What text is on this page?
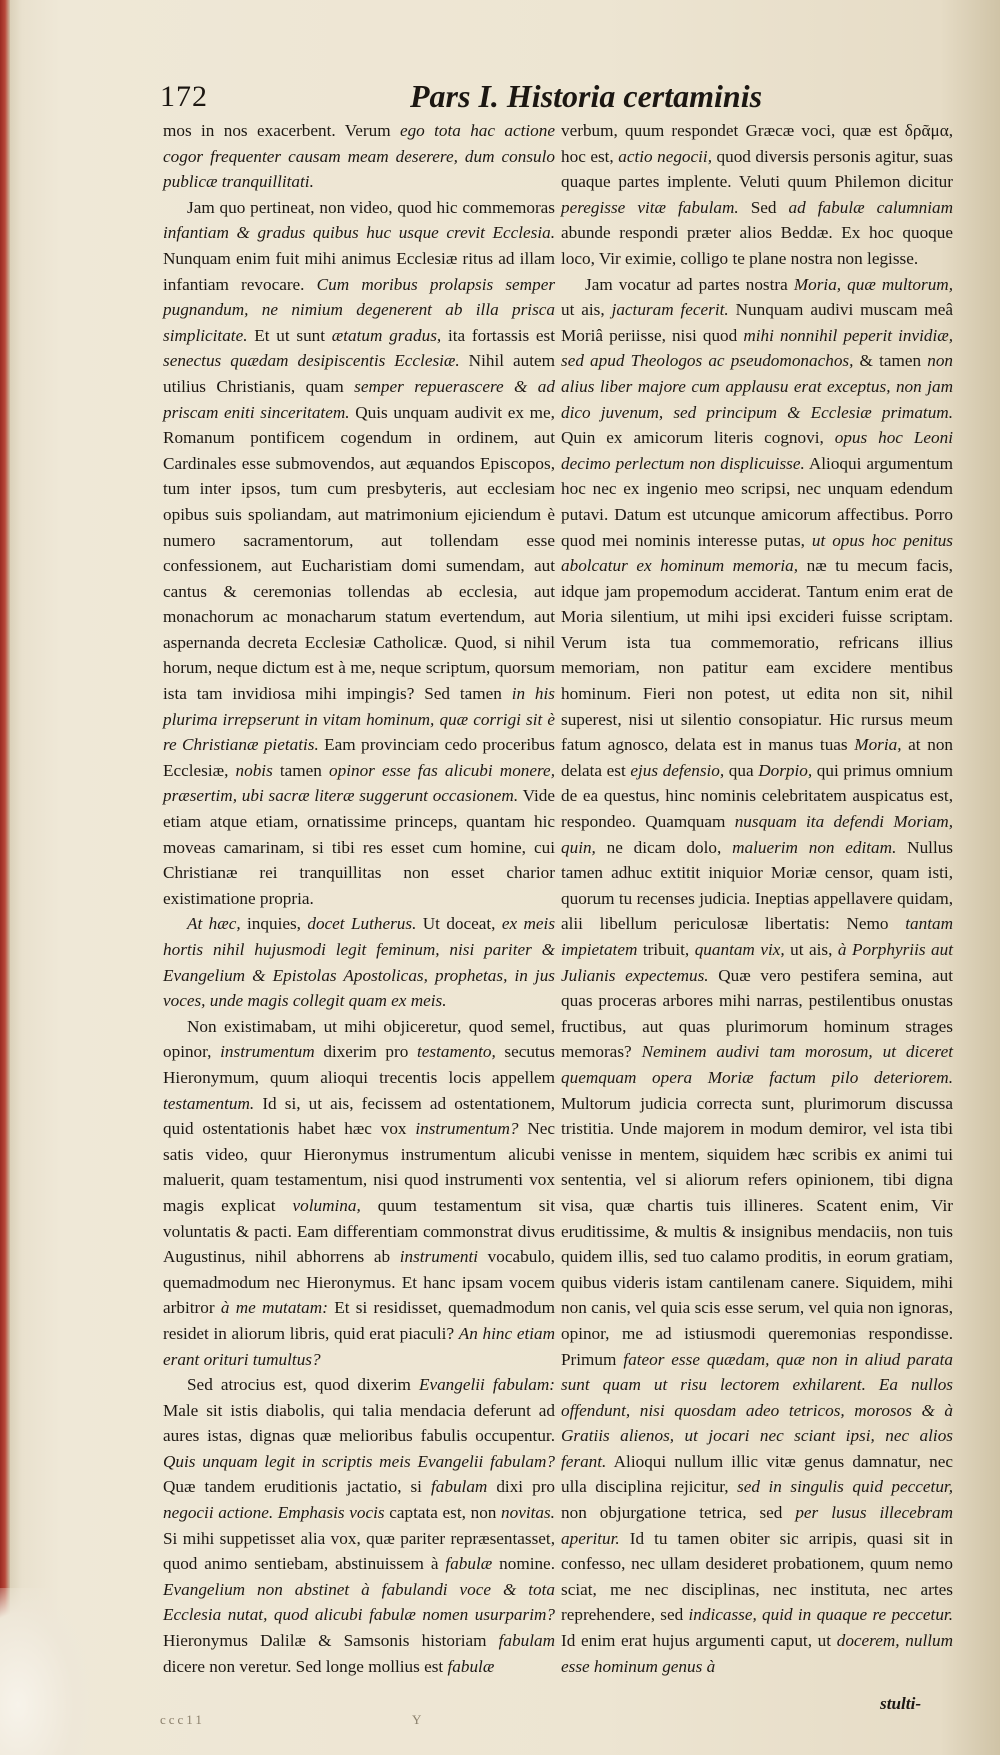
172	Pars I. Historia certaminis

mos in nos exacerbent. Verum ego tota hac actione cogor frequenter causam meam deserere, dum consulo publicæ tranquillitati.

Jam quo pertineat, non video, quod hic commemoras infantiam & gradus quibus huc usque crevit Ecclesia. Nunquam enim fuit mihi animus Ecclesiæ ritus ad illam infantiam revocare. Cum moribus prolapsis semper pugnandum, ne nimium degenerent ab illa prisca simplicitate. Et ut sunt ætatum gradus, ita fortassis est senectus quædam desipiscentis Ecclesiæ. Nihil autem utilius Christianis, quam semper repuerascere & ad priscam eniti sinceritatem. Quis unquam audivit ex me, Romanum pontificem cogendum in ordinem, aut Cardinales esse submovendos, aut æquandos Episcopos, tum inter ipsos, tum cum presbyteris, aut ecclesiam opibus suis spoliandam, aut matrimonium ejiciendum è numero sacramentorum, aut tollendam esse confessionem, aut Eucharistiam domi sumendam, aut cantus & ceremonias tollendas ab ecclesia, aut monachorum ac monacharum statum evertendum, aut aspernanda decreta Ecclesiæ Catholicæ. Quod, si nihil horum, neque dictum est à me, neque scriptum, quorsum ista tam invidiosa mihi impingis? Sed tamen in his plurima irrepserunt in vitam hominum, quæ corrigi sit è re Christianæ pietatis. Eam provinciam cedo proceribus Ecclesiæ, nobis tamen opinor esse fas alicubi monere, præsertim, ubi sacræ literæ suggerunt occasionem. Vide etiam atque etiam, ornatissime princeps, quantam hic moveas camarinam, si tibi res esset cum homine, cui Christianæ rei tranquillitas non esset charior existimatione propria.

At hæc, inquies, docet Lutherus. Ut doceat, ex meis hortis nihil hujusmodi legit feminum, nisi pariter & Evangelium & Epistolas Apostolicas, prophetas, in jus voces, unde magis collegit quam ex meis.

Non existimabam, ut mihi objiceretur, quod semel, opinor, instrumentum dixerim pro testamento, secutus Hieronymum, quum alioqui trecentis locis appellem testamentum. Id si, ut ais, fecissem ad ostentationem, quid ostentationis habet hæc vox instrumentum? Nec satis video, quur Hieronymus instrumentum alicubi maluerit, quam testamentum, nisi quod instrumenti vox magis explicat volumina, quum testamentum sit voluntatis & pacti. Eam differentiam commonstrat divus Augustinus, nihil abhorrens ab instrumenti vocabulo, quemadmodum nec Hieronymus. Et hanc ipsam vocem arbitror à me mutatam: Et si residisset, quemadmodum residet in aliorum libris, quid erat piaculi? An hinc etiam erant orituri tumultus?

Sed atrocius est, quod dixerim Evangelii fabulam: Male sit istis diabolis, qui talia mendacia deferunt ad aures istas, dignas quæ melioribus fabulis occupentur. Quis unquam legit in scriptis meis Evangelii fabulam? Quæ tandem eruditionis jactatio, si fabulam dixi pro negocii actione. Emphasis vocis captata est, non novitas. Si mihi suppetisset alia vox, quæ pariter repræsentasset, quod animo sentiebam, abstinuissem à fabulæ nomine. Evangelium non abstinet à fabulandi voce & tota Ecclesia nutat, quod alicubi fabulæ nomen usurparim? Hieronymus Dalilæ & Samsonis historiam fabulam dicere non veretur. Sed longe mollius est fabulæ

verbum, quum respondet Græcæ voci, quæ est δρᾶμα, hoc est, actio negocii, quod diversis personis agitur, suas quaque partes implente. Veluti quum Philemon dicitur peregisse vitæ fabulam. Sed ad fabulæ calumniam abunde respondi præter alios Beddæ. Ex hoc quoque loco, Vir eximie, colligo te plane nostra non legisse.

Jam vocatur ad partes nostra Moria, quæ multorum, ut ais, jacturam fecerit. Nunquam audivi muscam meâ Moriâ periisse, nisi quod mihi nonnihil peperit invidiæ, sed apud Theologos ac pseudomonachos, & tamen non alius liber majore cum applausu erat exceptus, non jam dico juvenum, sed principum & Ecclesiæ primatum. Quin ex amicorum literis cognovi, opus hoc Leoni decimo perlectum non displicuisse. Alioqui argumentum hoc nec ex ingenio meo scripsi, nec unquam edendum putavi. Datum est utcunque amicorum affectibus. Porro quod mei nominis interesse putas, ut opus hoc penitus abolcatur ex hominum memoria, næ tu mecum facis, idque jam propemodum acciderat. Tantum enim erat de Moria silentium, ut mihi ipsi excideri fuisse scriptam. Verum ista tua commemoratio, refricans illius memoriam, non patitur eam excidere mentibus hominum. Fieri non potest, ut edita non sit, nihil superest, nisi ut silentio consopiatur. Hic rursus meum fatum agnosco, delata est in manus tuas Moria, at non delata est ejus defensio, qua Dorpio, qui primus omnium de ea questus, hinc nominis celebritatem auspicatus est, respondeo. Quamquam nusquam ita defendi Moriam, quin, ne dicam dolo, maluerim non editam. Nullus tamen adhuc extitit iniquior Moriæ censor, quam isti, quorum tu recenses judicia. Ineptias appellavere quidam, alii libellum periculosæ libertatis: Nemo tantam impietatem tribuit, quantam vix, ut ais, à Porphyriis aut Julianis expectemus. Quæ vero pestifera semina, aut quas proceras arbores mihi narras, pestilentibus onustas fructibus, aut quas plurimorum hominum strages memoras? Neminem audivi tam morosum, ut diceret quemquam opera Moriæ factum pilo deteriorem. Multorum judicia correcta sunt, plurimorum discussa tristitia. Unde majorem in modum demiror, vel ista tibi venisse in mentem, siquidem hæc scribis ex animi tui sententia, vel si aliorum refers opinionem, tibi digna visa, quæ chartis tuis illineres. Scatent enim, Vir eruditissime, & multis & insignibus mendaciis, non tuis quidem illis, sed tuo calamo proditis, in eorum gratiam, quibus videris istam cantilenam canere. Siquidem, mihi non canis, vel quia scis esse serum, vel quia non ignoras, opinor, me ad istiusmodi queremonias respondisse. Primum fateor esse quædam, quæ non in aliud parata sunt quam ut risu lectorem exhilarent. Ea nullos offendunt, nisi quosdam adeo tetricos, morosos & à Gratiis alienos, ut jocari nec sciant ipsi, nec alios ferant. Alioqui nullum illic vitæ genus damnatur, nec ulla disciplina rejicitur, sed in singulis quid peccetur, non objurgatione tetrica, sed per lusus illecebram aperitur. Id tu tamen obiter sic arripis, quasi sit in confesso, nec ullam desideret probationem, quum nemo sciat, me nec disciplinas, nec instituta, nec artes reprehendere, sed indicasse, quid in quaque re peccetur. Id enim erat hujus argumenti caput, ut docerem, nullum esse hominum genus à

ccc11	Y
stulti-
